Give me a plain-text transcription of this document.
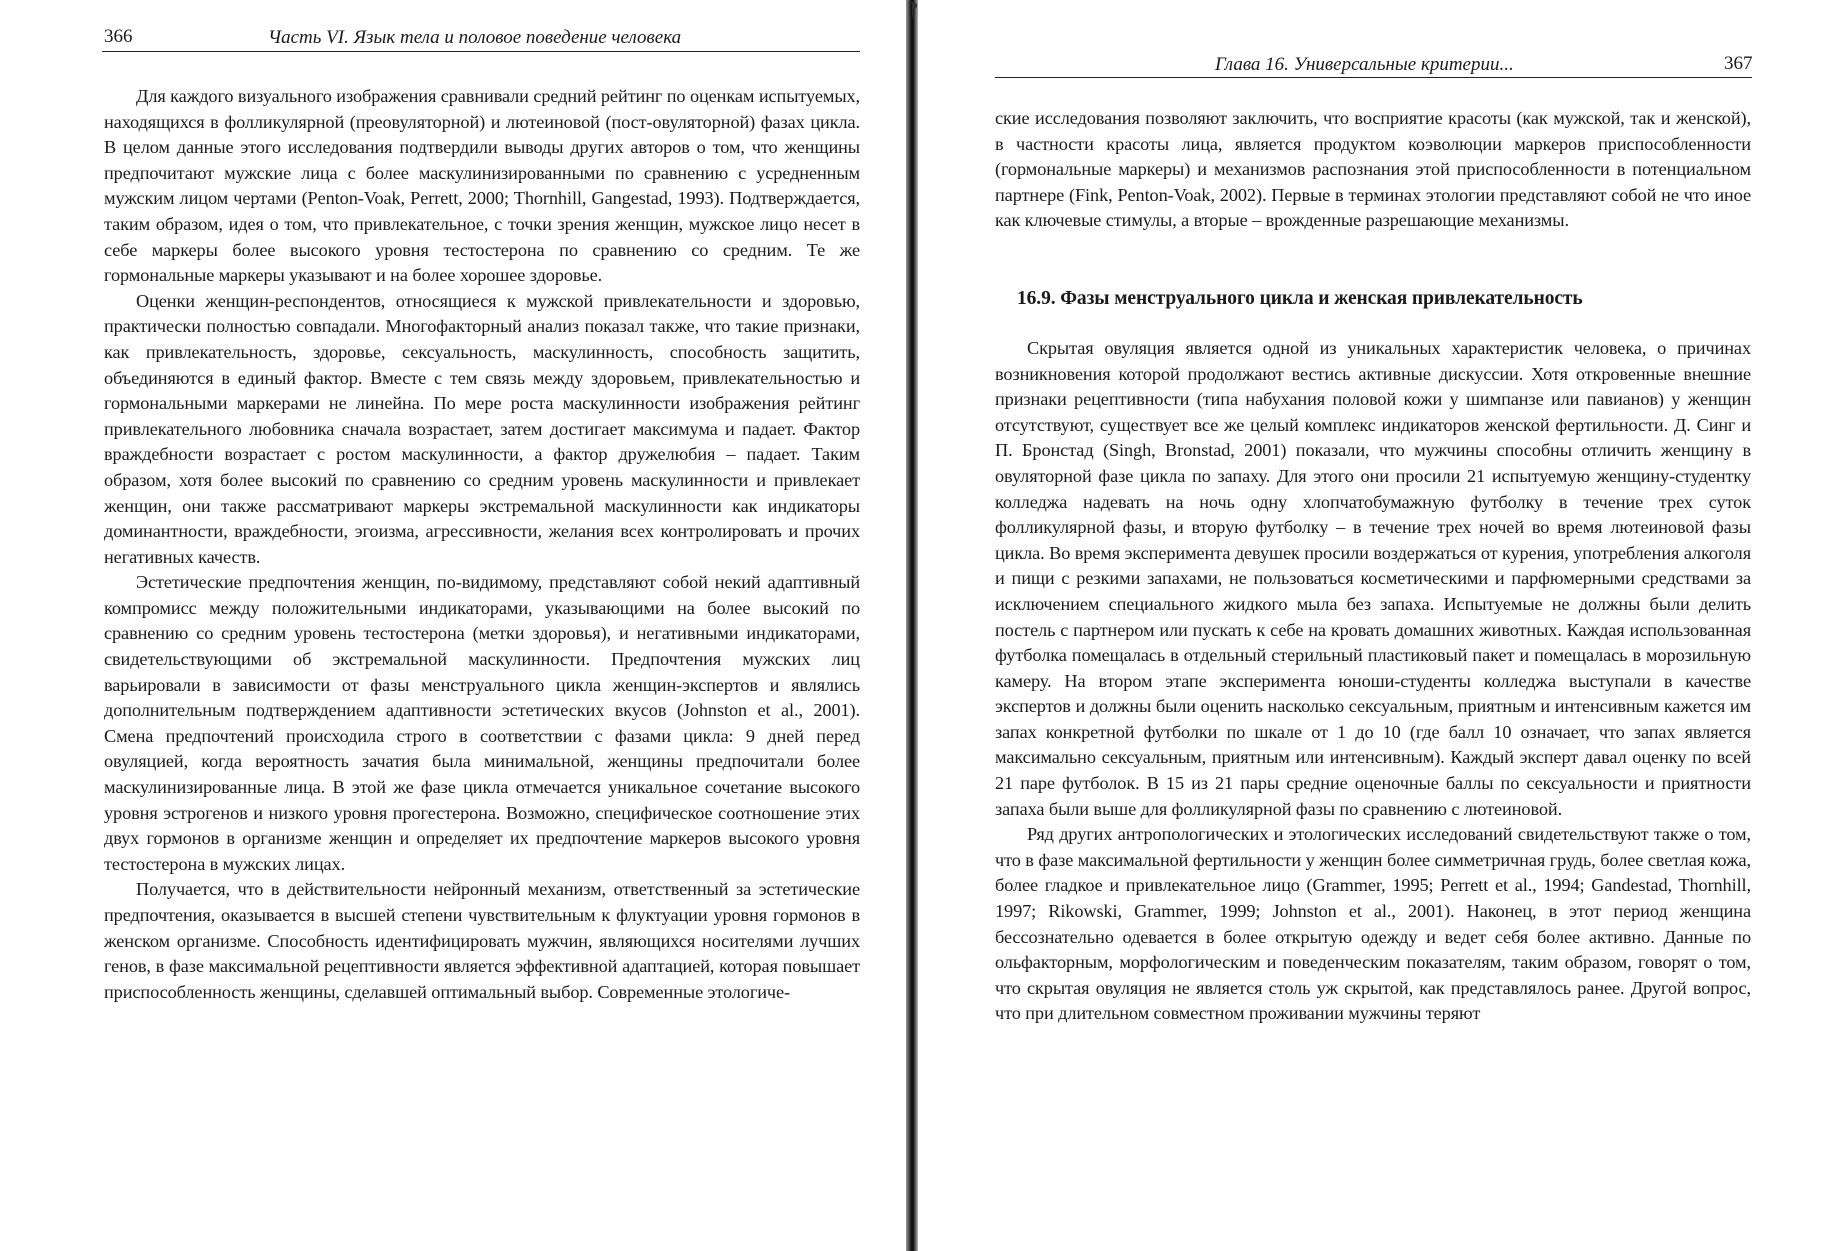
366	Часть VI. Язык тела и половое поведение человека

Для каждого визуального изображения сравнивали средний рейтинг по оценкам испытуемых, находящихся в фолликулярной (преовуляторной) и лютеиновой (пост-овуляторной) фазах цикла. В целом данные этого исследования подтвердили выводы других авторов о том, что женщины предпочитают мужские лица с более маскулинизированными по сравнению с усредненным мужским лицом чертами (Penton-Voak, Perrett, 2000; Thornhill, Gangestad, 1993). Подтверждается, таким образом, идея о том, что привлекательное, с точки зрения женщин, мужское лицо несет в себе маркеры более высокого уровня тестостерона по сравнению со средним. Те же гормональные маркеры указывают и на более хорошее здоровье.

Оценки женщин-респондентов, относящиеся к мужской привлекательности и здоровью, практически полностью совпадали. Многофакторный анализ показал также, что такие признаки, как привлекательность, здоровье, сексуальность, маскулинность, способность защитить, объединяются в единый фактор. Вместе с тем связь между здоровьем, привлекательностью и гормональными маркерами не линейна. По мере роста маскулинности изображения рейтинг привлекательного любовника сначала возрастает, затем достигает максимума и падает. Фактор враждебности возрастает с ростом маскулинности, а фактор дружелюбия – падает. Таким образом, хотя более высокий по сравнению со средним уровень маскулинности и привлекает женщин, они также рассматривают маркеры экстремальной маскулинности как индикаторы доминантности, враждебности, эгоизма, агрессивности, желания всех контролировать и прочих негативных качеств.

Эстетические предпочтения женщин, по-видимому, представляют собой некий адаптивный компромисс между положительными индикаторами, указывающими на более высокий по сравнению со средним уровень тестостерона (метки здоровья), и негативными индикаторами, свидетельствующими об экстремальной маскулинности. Предпочтения мужских лиц варьировали в зависимости от фазы менструального цикла женщин-экспертов и являлись дополнительным подтверждением адаптивности эстетических вкусов (Johnston et al., 2001). Смена предпочтений происходила строго в соответствии с фазами цикла: 9 дней перед овуляцией, когда вероятность зачатия была минимальной, женщины предпочитали более маскулинизированные лица. В этой же фазе цикла отмечается уникальное сочетание высокого уровня эстрогенов и низкого уровня прогестерона. Возможно, специфическое соотношение этих двух гормонов в организме женщин и определяет их предпочтение маркеров высокого уровня тестостерона в мужских лицах.

Получается, что в действительности нейронный механизм, ответственный за эстетические предпочтения, оказывается в высшей степени чувствительным к флуктуации уровня гормонов в женском организме. Способность идентифицировать мужчин, являющихся носителями лучших генов, в фазе максимальной рецептивности является эффективной адаптацией, которая повышает приспособленность женщины, сделавшей оптимальный выбор. Современные этологиче-

⁋
Глава 16. Универсальные критерии...	367

ские исследования позволяют заключить, что восприятие красоты (как мужской, так и женской), в частности красоты лица, является продуктом коэволюции маркеров приспособленности (гормональные маркеры) и механизмов распознания этой приспособленности в потенциальном партнере (Fink, Penton-Voak, 2002). Первые в терминах этологии представляют собой не что иное как ключевые стимулы, а вторые – врожденные разрешающие механизмы.

16.9. Фазы менструального цикла и женская привлекательность

Скрытая овуляция является одной из уникальных характеристик человека, о причинах возникновения которой продолжают вестись активные дискуссии. Хотя откровенные внешние признаки рецептивности (типа набухания половой кожи у шимпанзе или павианов) у женщин отсутствуют, существует все же целый комплекс индикаторов женской фертильности. Д. Синг и П. Бронстад (Singh, Bronstad, 2001) показали, что мужчины способны отличить женщину в овуляторной фазе цикла по запаху. Для этого они просили 21 испытуемую женщину-студентку колледжа надевать на ночь одну хлопчатобумажную футболку в течение трех суток фолликулярной фазы, и вторую футболку – в течение трех ночей во время лютеиновой фазы цикла. Во время эксперимента девушек просили воздержаться от курения, употребления алкоголя и пищи с резкими запахами, не пользоваться косметическими и парфюмерными средствами за исключением специального жидкого мыла без запаха. Испытуемые не должны были делить постель с партнером или пускать к себе на кровать домашних животных. Каждая использованная футболка помещалась в отдельный стерильный пластиковый пакет и помещалась в морозильную камеру. На втором этапе эксперимента юноши-студенты колледжа выступали в качестве экспертов и должны были оценить насколько сексуальным, приятным и интенсивным кажется им запах конкретной футболки по шкале от 1 до 10 (где балл 10 означает, что запах является максимально сексуальным, приятным или интенсивным). Каждый эксперт давал оценку по всей 21 паре футболок. В 15 из 21 пары средние оценочные баллы по сексуальности и приятности запаха были выше для фолликулярной фазы по сравнению с лютеиновой.

Ряд других антропологических и этологических исследований свидетельствуют также о том, что в фазе максимальной фертильности у женщин более симметричная грудь, более светлая кожа, более гладкое и привлекательное лицо (Grammer, 1995; Perrett et al., 1994; Gandestad, Thornhill, 1997; Rikowski, Grammer, 1999; Johnston et al., 2001). Наконец, в этот период женщина бессознательно одевается в более открытую одежду и ведет себя более активно. Данные по ольфакторным, морфологическим и поведенческим показателям, таким образом, говорят о том, что скрытая овуляция не является столь уж скрытой, как представлялось ранее. Другой вопрос, что при длительном совместном проживании мужчины теряют
